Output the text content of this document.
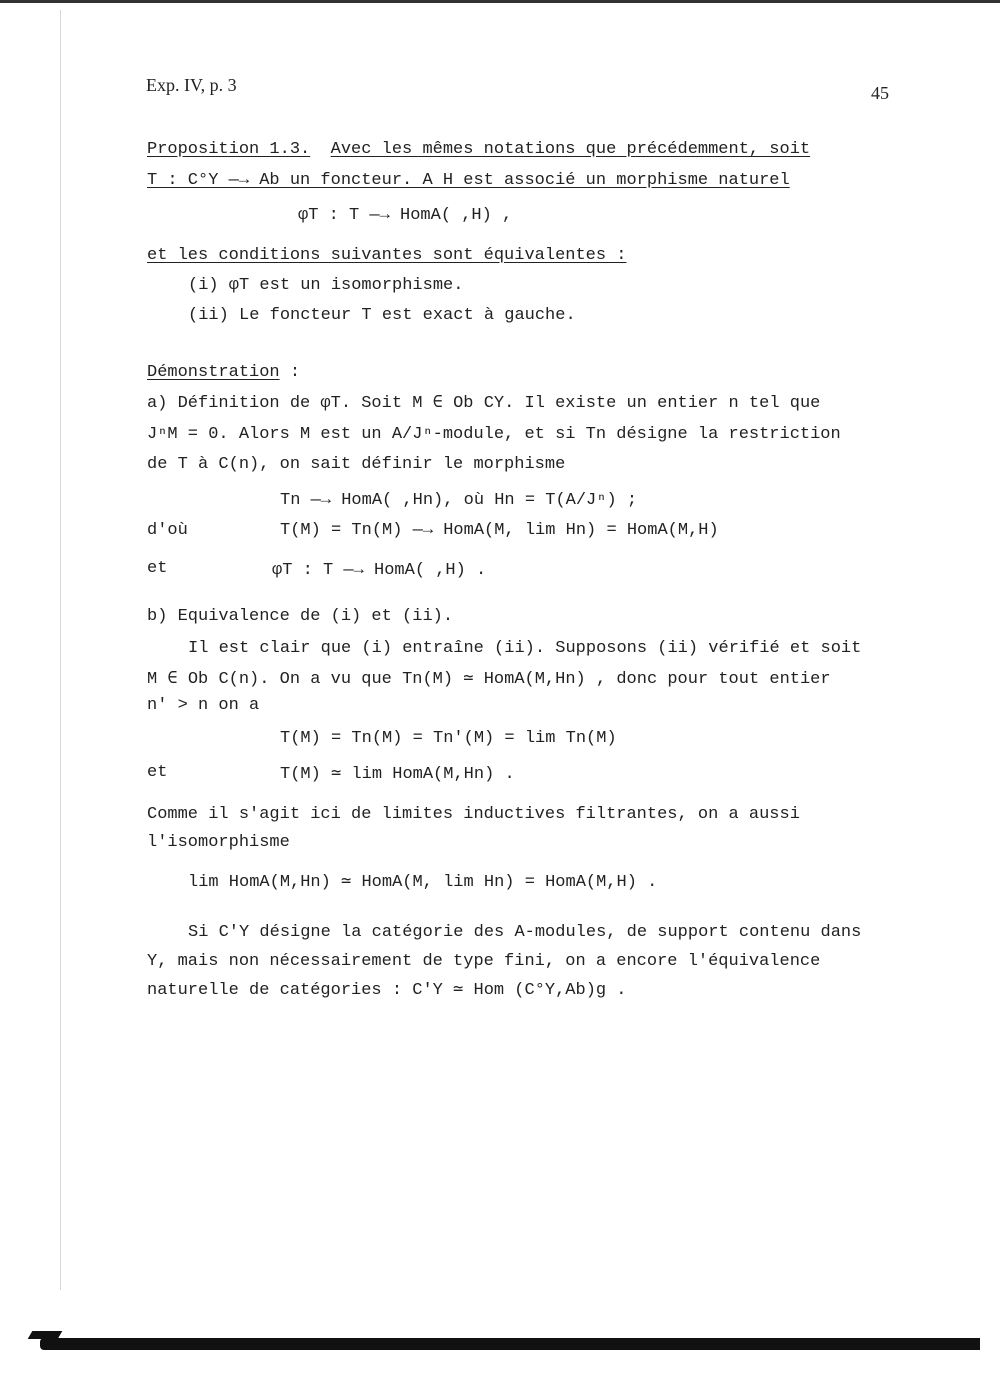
Exp. IV, p. 3	45
Proposition 1.3. Avec les mêmes notations que précédemment, soit
T : C°Y —→ Ab un foncteur. A H est associé un morphisme naturel
φT : T —→ HomA( ,H) ,
et les conditions suivantes sont équivalentes :
(i) φT est un isomorphisme.
(ii) Le foncteur T est exact à gauche.
Démonstration :
a) Définition de φT. Soit M ∈ Ob CY. Il existe un entier n tel que
JⁿM = 0. Alors M est un A/Jⁿ-module, et si Tn désigne la restriction
de T à C(n), on sait définir le morphisme
Tn —→ HomA( ,Hn), où Hn = T(A/Jⁿ) ;
d'où	T(M) = Tn(M) —→ HomA(M, lim Hn) = HomA(M,H)
et	φT : T —→ HomA( ,H) .
b) Equivalence de (i) et (ii).
Il est clair que (i) entraîne (ii). Supposons (ii) vérifié et soit
M ∈ Ob C(n). On a vu que Tn(M) ≃ HomA(M,Hn) , donc pour tout entier
n' > n on a
T(M) = Tn(M) = Tn'(M) = lim Tn(M)
et	T(M) ≃ lim HomA(M,Hn) .
Comme il s'agit ici de limites inductives filtrantes, on a aussi
l'isomorphisme
lim HomA(M,Hn) ≃ HomA(M, lim Hn) = HomA(M,H) .
Si C'Y désigne la catégorie des A-modules, de support contenu dans
Y, mais non nécessairement de type fini, on a encore l'équivalence
naturelle de catégories : C'Y ≃ Hom (C°Y,Ab)g .
